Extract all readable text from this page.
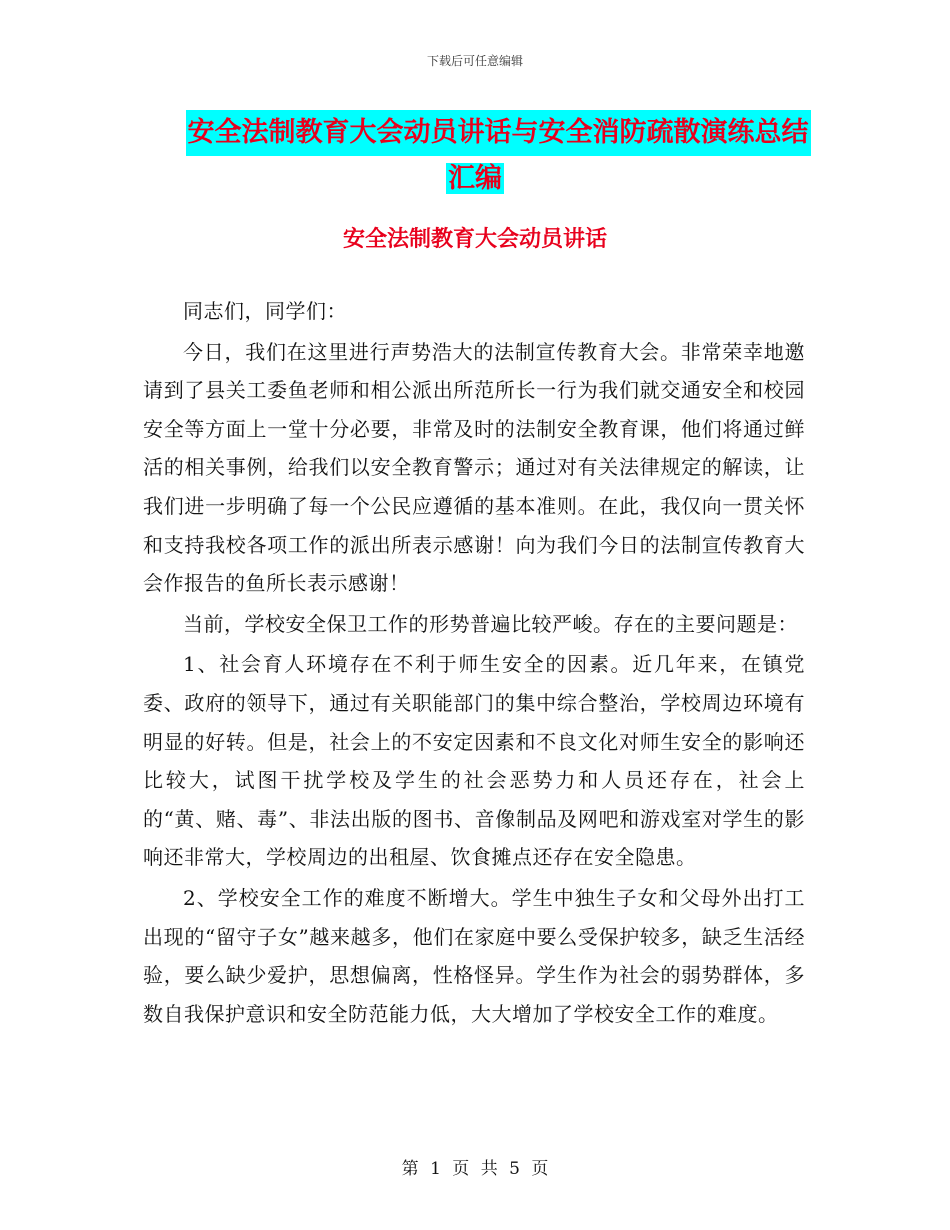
下载后可任意编辑
安全法制教育大会动员讲话与安全消防疏散演练总结
汇编
安全法制教育大会动员讲话

同志们，同学们：

今日，我们在这里进行声势浩大的法制宣传教育大会。非常荣幸地邀请到了县关工委鱼老师和相公派出所范所长一行为我们就交通安全和校园安全等方面上一堂十分必要，非常及时的法制安全教育课，他们将通过鲜活的相关事例，给我们以安全教育警示；通过对有关法律规定的解读，让我们进一步明确了每一个公民应遵循的基本准则。在此，我仅向一贯关怀和支持我校各项工作的派出所表示感谢！向为我们今日的法制宣传教育大会作报告的鱼所长表示感谢！

当前，学校安全保卫工作的形势普遍比较严峻。存在的主要问题是：

1、社会育人环境存在不利于师生安全的因素。近几年来，在镇党委、政府的领导下，通过有关职能部门的集中综合整治，学校周边环境有明显的好转。但是，社会上的不安定因素和不良文化对师生安全的影响还比较大，试图干扰学校及学生的社会恶势力和人员还存在，社会上的“黄、赌、毒”、非法出版的图书、音像制品及网吧和游戏室对学生的影响还非常大，学校周边的出租屋、饮食摊点还存在安全隐患。

2、学校安全工作的难度不断增大。学生中独生子女和父母外出打工出现的“留守子女”越来越多，他们在家庭中要么受保护较多，缺乏生活经验，要么缺少爱护，思想偏离，性格怪异。学生作为社会的弱势群体，多数自我保护意识和安全防范能力低，大大增加了学校安全工作的难度。

第 1 页 共 5 页
